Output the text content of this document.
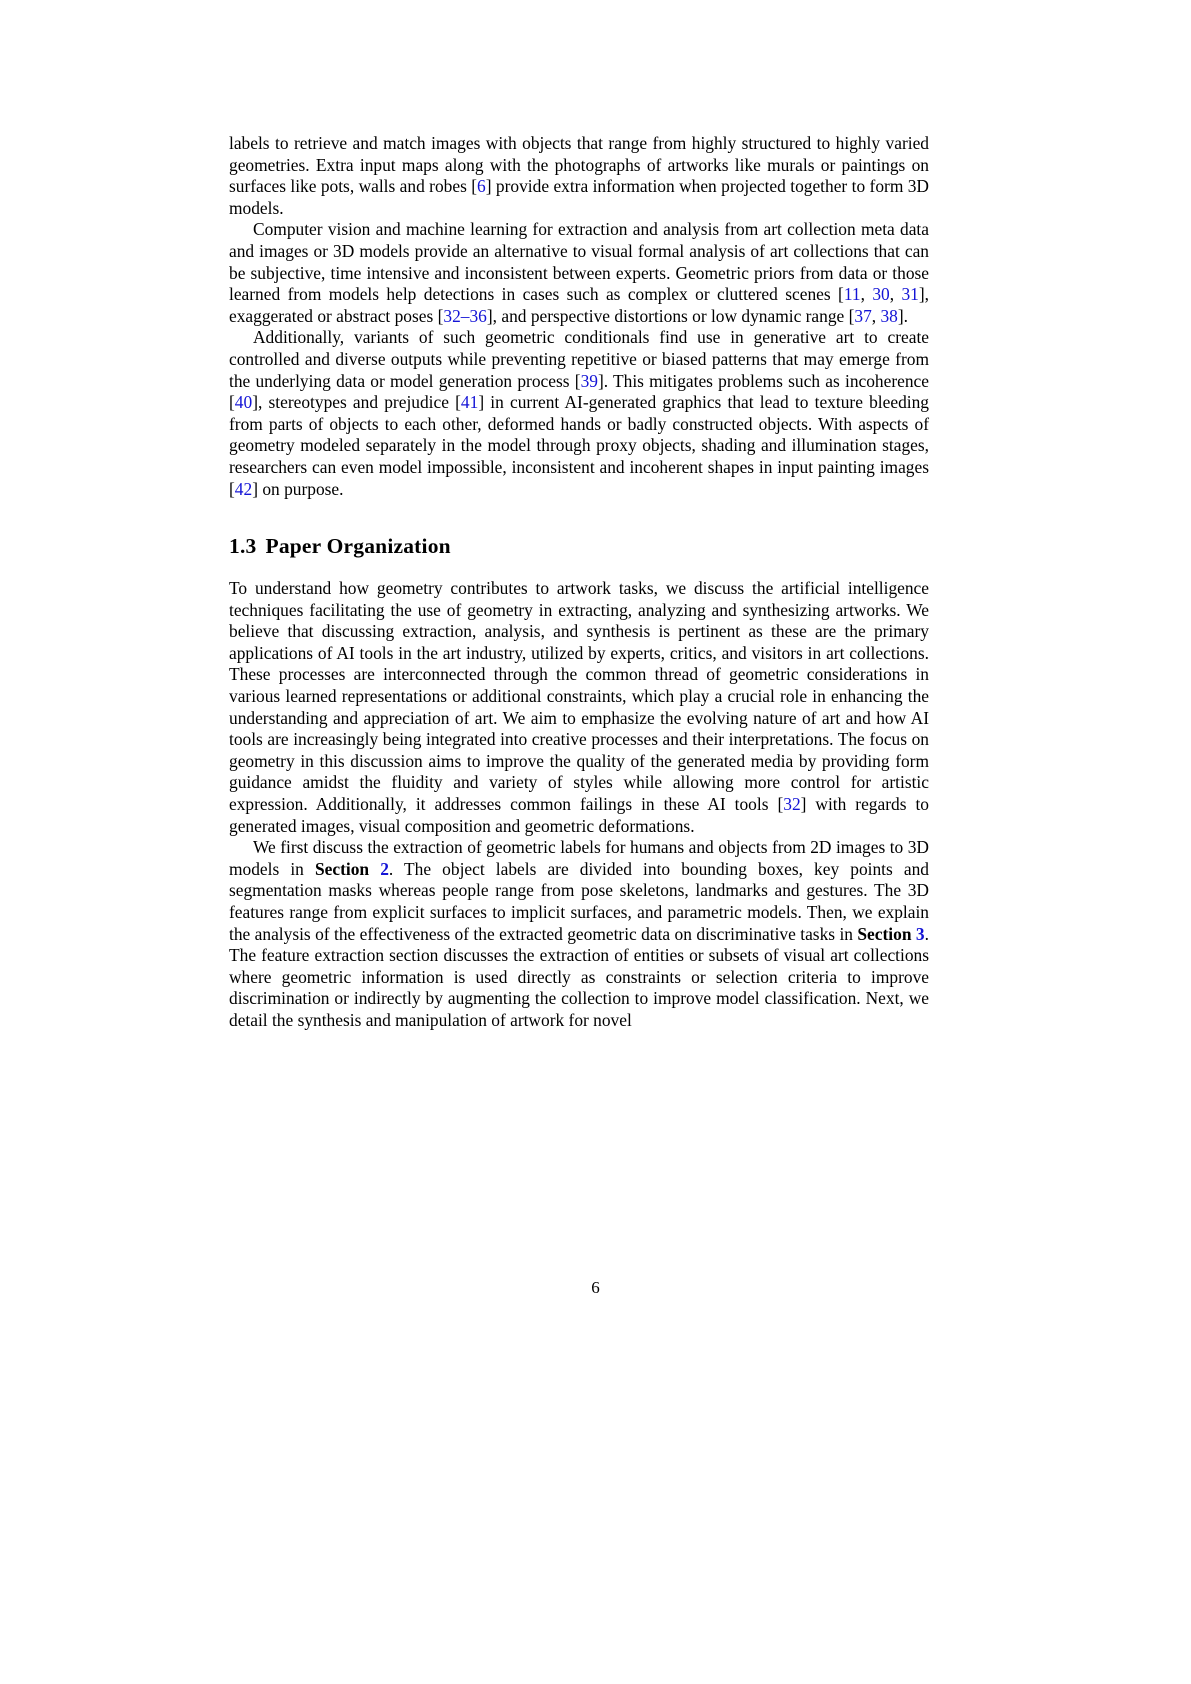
labels to retrieve and match images with objects that range from highly structured to highly varied geometries. Extra input maps along with the photographs of artworks like murals or paintings on surfaces like pots, walls and robes [6] provide extra information when projected together to form 3D models.

Computer vision and machine learning for extraction and analysis from art collection meta data and images or 3D models provide an alternative to visual formal analysis of art collections that can be subjective, time intensive and inconsistent between experts. Geometric priors from data or those learned from models help detections in cases such as complex or cluttered scenes [11, 30, 31], exaggerated or abstract poses [32–36], and perspective distortions or low dynamic range [37, 38].

Additionally, variants of such geometric conditionals find use in generative art to create controlled and diverse outputs while preventing repetitive or biased patterns that may emerge from the underlying data or model generation process [39]. This mitigates problems such as incoherence [40], stereotypes and prejudice [41] in current AI-generated graphics that lead to texture bleeding from parts of objects to each other, deformed hands or badly constructed objects. With aspects of geometry modeled separately in the model through proxy objects, shading and illumination stages, researchers can even model impossible, inconsistent and incoherent shapes in input painting images [42] on purpose.

1.3 Paper Organization

To understand how geometry contributes to artwork tasks, we discuss the artificial intelligence techniques facilitating the use of geometry in extracting, analyzing and synthesizing artworks. We believe that discussing extraction, analysis, and synthesis is pertinent as these are the primary applications of AI tools in the art industry, utilized by experts, critics, and visitors in art collections. These processes are interconnected through the common thread of geometric considerations in various learned representations or additional constraints, which play a crucial role in enhancing the understanding and appreciation of art. We aim to emphasize the evolving nature of art and how AI tools are increasingly being integrated into creative processes and their interpretations. The focus on geometry in this discussion aims to improve the quality of the generated media by providing form guidance amidst the fluidity and variety of styles while allowing more control for artistic expression. Additionally, it addresses common failings in these AI tools [32] with regards to generated images, visual composition and geometric deformations.

We first discuss the extraction of geometric labels for humans and objects from 2D images to 3D models in Section 2. The object labels are divided into bounding boxes, key points and segmentation masks whereas people range from pose skeletons, landmarks and gestures. The 3D features range from explicit surfaces to implicit surfaces, and parametric models. Then, we explain the analysis of the effectiveness of the extracted geometric data on discriminative tasks in Section 3. The feature extraction section discusses the extraction of entities or subsets of visual art collections where geometric information is used directly as constraints or selection criteria to improve discrimination or indirectly by augmenting the collection to improve model classification. Next, we detail the synthesis and manipulation of artwork for novel

6
